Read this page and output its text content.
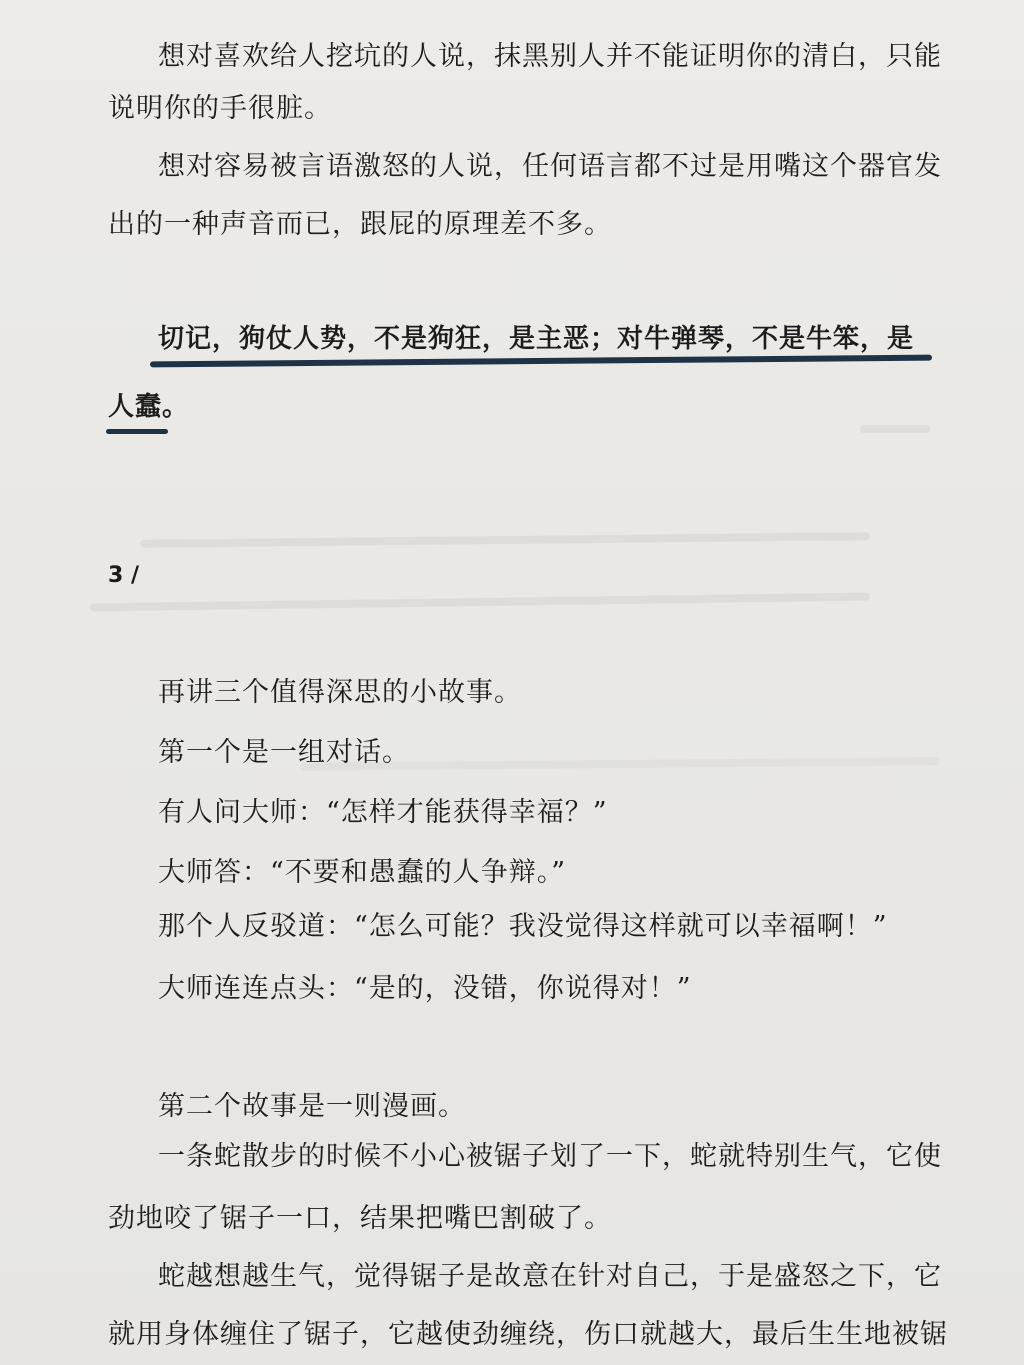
想对喜欢给人挖坑的人说，抹黑别人并不能证明你的清白，只能
说明你的手很脏。
想对容易被言语激怒的人说，任何语言都不过是用嘴这个器官发
出的一种声音而已，跟屁的原理差不多。
切记，狗仗人势，不是狗狂，是主恶；对牛弹琴，不是牛笨，是
人蠢。
3 /
再讲三个值得深思的小故事。
第一个是一组对话。
有人问大师：“怎样才能获得幸福？”
大师答：“不要和愚蠢的人争辩。”
那个人反驳道：“怎么可能？我没觉得这样就可以幸福啊！”
大师连连点头：“是的，没错，你说得对！”
第二个故事是一则漫画。
一条蛇散步的时候不小心被锯子划了一下，蛇就特别生气，它使
劲地咬了锯子一口，结果把嘴巴割破了。
蛇越想越生气，觉得锯子是故意在针对自己，于是盛怒之下，它
就用身体缠住了锯子，它越使劲缠绕，伤口就越大，最后生生地被锯
